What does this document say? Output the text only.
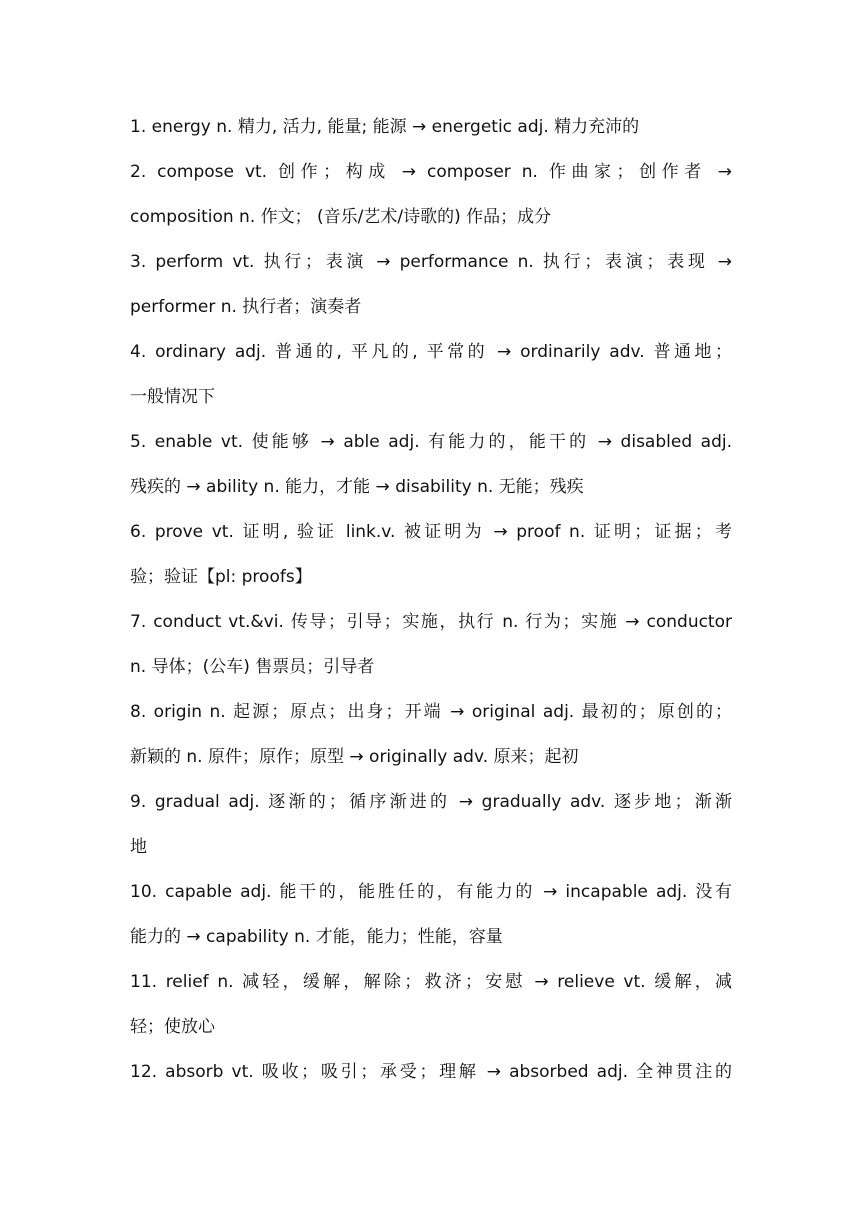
1. energy n. 精力, 活力, 能量; 能源 → energetic adj. 精力充沛的
2. compose vt. 创作；构成 → composer n. 作曲家；创作者 →
composition n. 作文； (音乐/艺术/诗歌的) 作品；成分
3. perform vt. 执行；表演 → performance n. 执行；表演；表现 →
performer n. 执行者；演奏者
4. ordinary adj. 普通的, 平凡的, 平常的 → ordinarily adv. 普通地；
一般情况下
5. enable vt. 使能够 → able adj. 有能力的，能干的 → disabled adj.
残疾的 → ability n. 能力，才能 → disability n. 无能；残疾
6. prove vt. 证明, 验证 link.v. 被证明为 → proof n. 证明；证据；考
验；验证【pl: proofs】
7. conduct vt.&vi. 传导；引导；实施，执行 n. 行为；实施 → conductor
n. 导体；(公车) 售票员；引导者
8. origin n. 起源；原点；出身；开端 → original adj. 最初的；原创的；
新颖的 n. 原件；原作；原型 → originally adv. 原来；起初
9. gradual adj. 逐渐的；循序渐进的 → gradually adv. 逐步地；渐渐
地
10. capable adj. 能干的，能胜任的，有能力的 → incapable adj. 没有
能力的 → capability n. 才能，能力；性能，容量
11. relief n. 减轻，缓解，解除；救济；安慰 → relieve vt. 缓解，减
轻；使放心
12. absorb vt. 吸收；吸引；承受；理解 → absorbed adj. 全神贯注的
